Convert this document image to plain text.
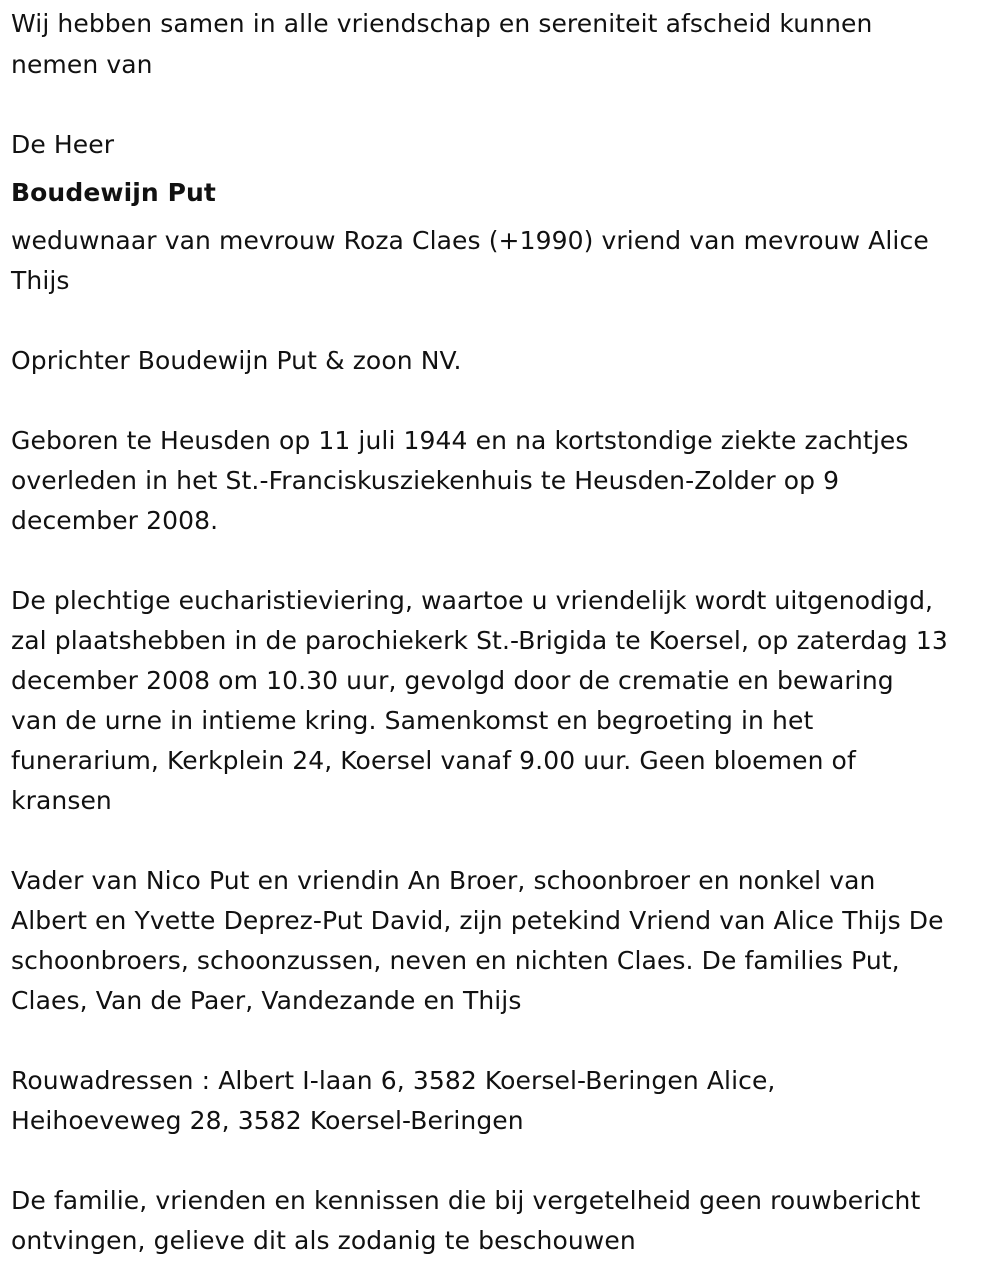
Wij hebben samen in alle vriendschap en sereniteit afscheid kunnen

nemen van

De Heer

Boudewijn Put

weduwnaar van mevrouw Roza Claes (+1990) vriend van mevrouw Alice

Thijs

Oprichter Boudewijn Put & zoon NV.

Geboren te Heusden op 11 juli 1944 en na kortstondige ziekte zachtjes

overleden in het St.-Franciskusziekenhuis te Heusden-Zolder op 9

december 2008.

De plechtige eucharistieviering, waartoe u vriendelijk wordt uitgenodigd,

zal plaatshebben in de parochiekerk St.-Brigida te Koersel, op zaterdag 13

december 2008 om 10.30 uur, gevolgd door de crematie en bewaring

van de urne in intieme kring. Samenkomst en begroeting in het

funerarium, Kerkplein 24, Koersel vanaf 9.00 uur. Geen bloemen of

kransen

Vader van Nico Put en vriendin An Broer, schoonbroer en nonkel van

Albert en Yvette Deprez-Put David, zijn petekind Vriend van Alice Thijs De

schoonbroers, schoonzussen, neven en nichten Claes. De families Put,

Claes, Van de Paer, Vandezande en Thijs

Rouwadressen : Albert I-laan 6, 3582 Koersel-Beringen Alice,

Heihoeveweg 28, 3582 Koersel-Beringen

De familie, vrienden en kennissen die bij vergetelheid geen rouwbericht

ontvingen, gelieve dit als zodanig te beschouwen
